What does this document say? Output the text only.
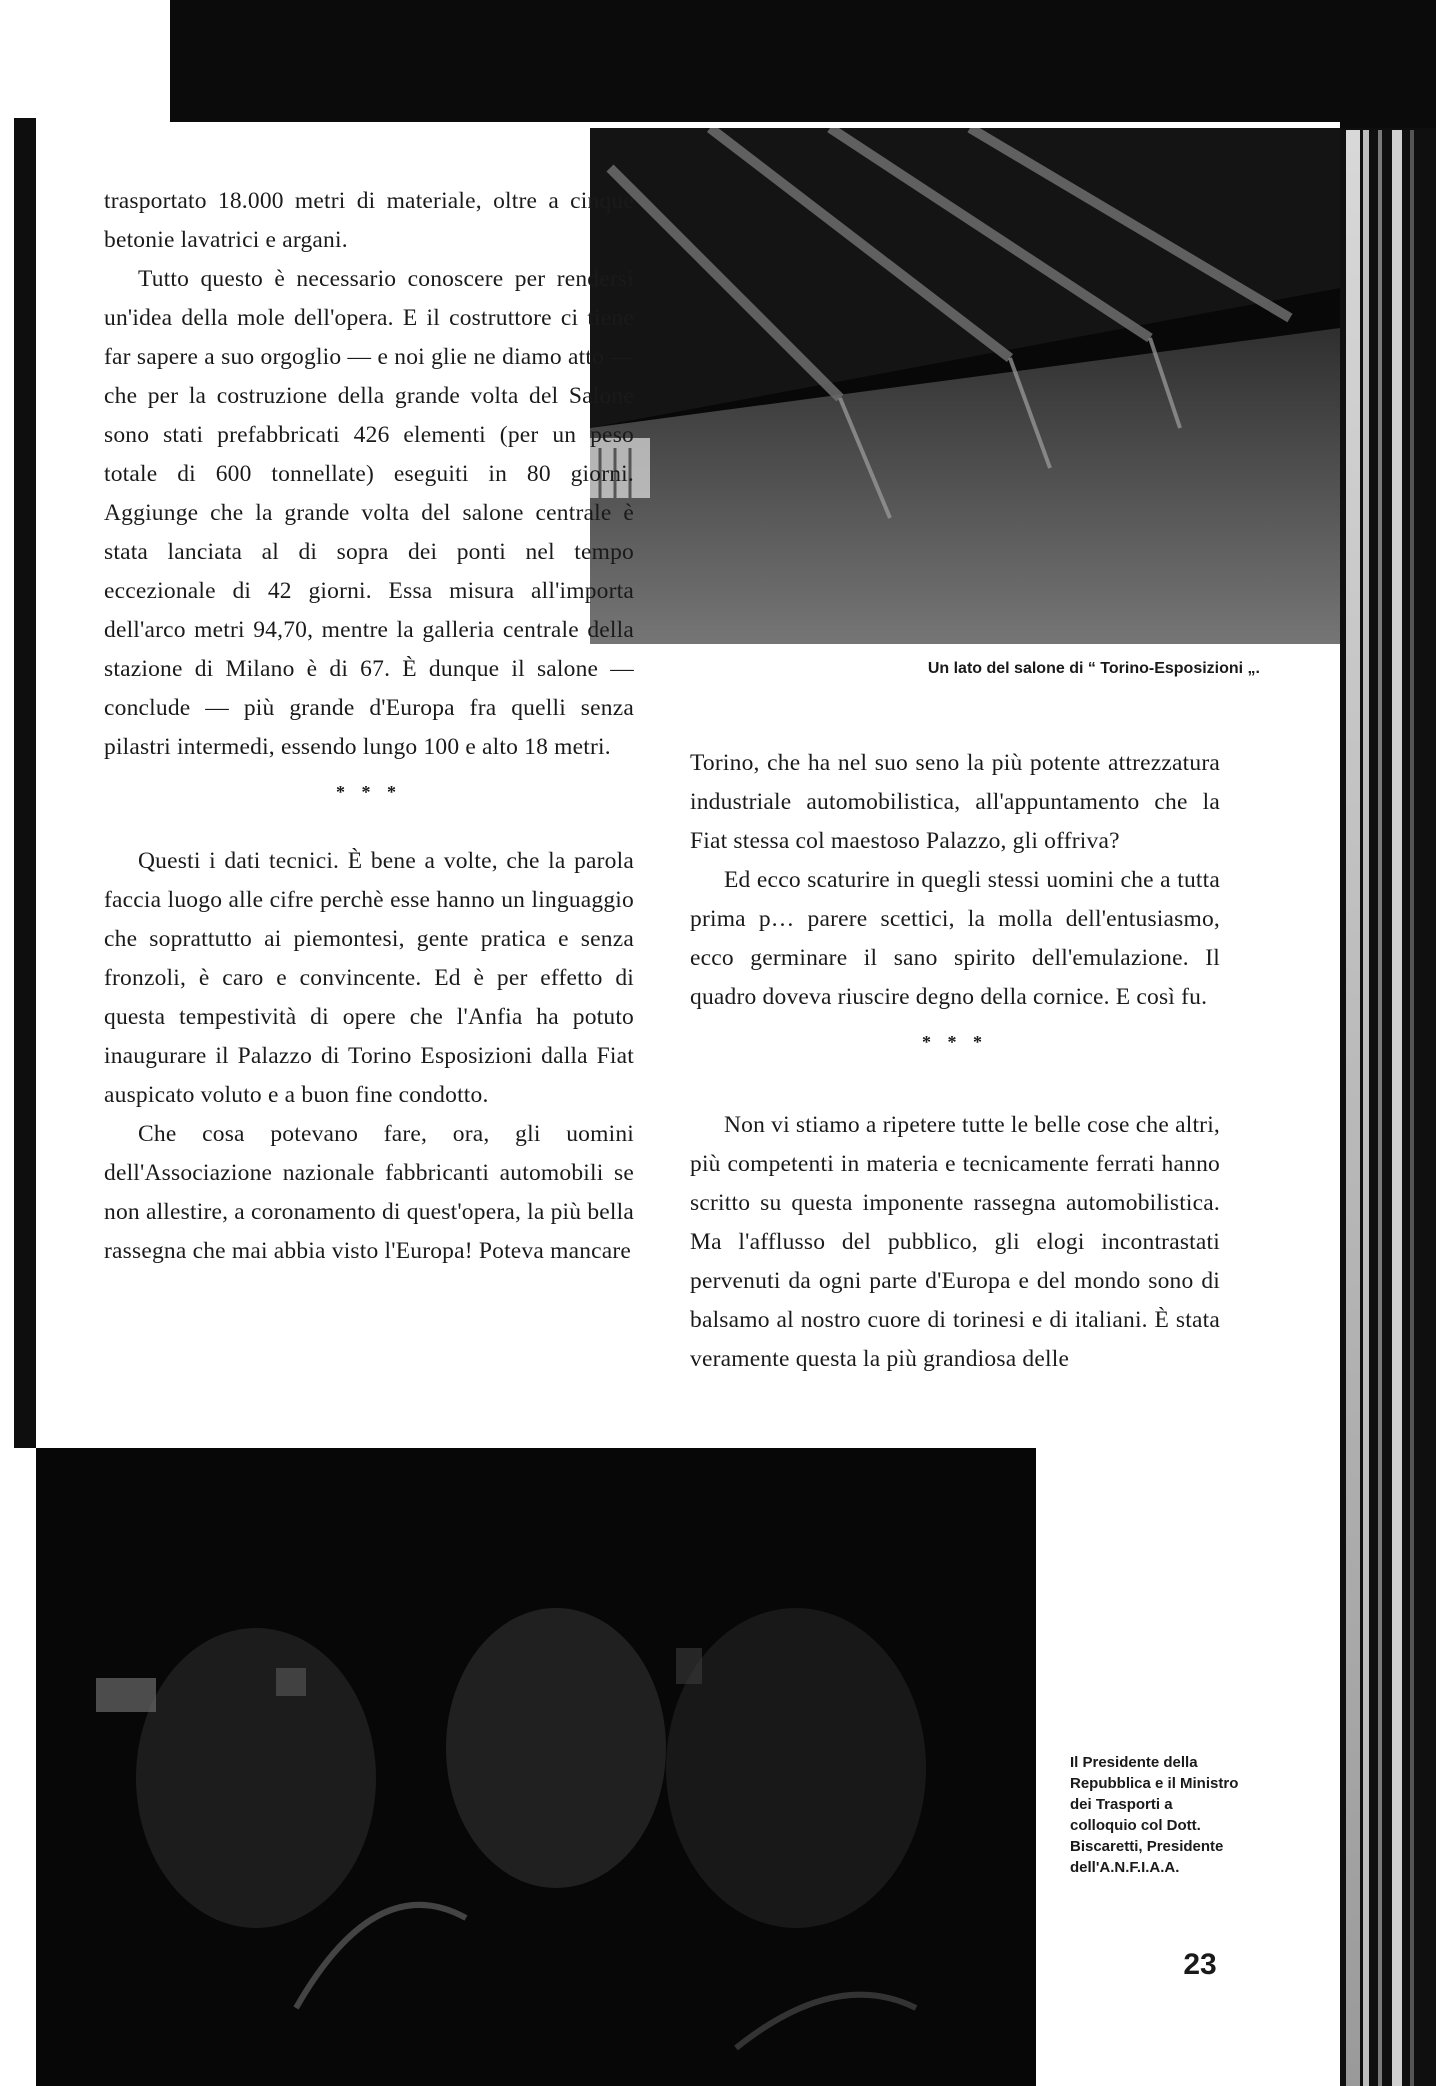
Un lato del salone di “ Torino-Esposizioni „.

trasportato 18.000 metri di materiale, oltre a cinque betonie lavatrici e argani.

Tutto questo è necessario conoscere per rendersi un'idea della mole dell'opera. E il costruttore ci tiene far sapere a suo orgoglio — e noi glie ne diamo atto — che per la costruzione della grande volta del Salone sono stati prefabbricati 426 elementi (per un peso totale di 600 tonnellate) eseguiti in 80 giorni. Aggiunge che la grande volta del salone centrale è stata lanciata al di sopra dei ponti nel tempo eccezionale di 42 giorni. Essa misura all'importa dell'arco metri 94,70, mentre la galleria centrale della stazione di Milano è di 67. È dunque il salone — conclude — più grande d'Europa fra quelli senza pilastri intermedi, essendo lungo 100 e alto 18 metri.

* * *

Questi i dati tecnici. È bene a volte, che la parola faccia luogo alle cifre perchè esse hanno un linguaggio che soprattutto ai piemontesi, gente pratica e senza fronzoli, è caro e convincente. Ed è per effetto di questa tempestività di opere che l'Anfia ha potuto inaugurare il Palazzo di Torino Esposizioni dalla Fiat auspicato voluto e a buon fine condotto.

Che cosa potevano fare, ora, gli uomini dell'Associazione nazionale fabbricanti automobili se non allestire, a coronamento di quest'opera, la più bella rassegna che mai abbia visto l'Europa! Poteva mancare

Torino, che ha nel suo seno la più potente attrezzatura industriale automobilistica, all'appuntamento che la Fiat stessa col maestoso Palazzo, gli offriva?

Ed ecco scaturire in quegli stessi uomini che a tutta prima p… parere scettici, la molla dell'entusiasmo, ecco germinare il sano spirito dell'emulazione. Il quadro doveva riuscire degno della cornice. E così fu.

* * *

Non vi stiamo a ripetere tutte le belle cose che altri, più competenti in materia e tecnicamente ferrati hanno scritto su questa imponente rassegna automobilistica. Ma l'afflusso del pubblico, gli elogi incontrastati pervenuti da ogni parte d'Europa e del mondo sono di balsamo al nostro cuore di torinesi e di italiani. È stata veramente questa la più grandiosa delle

Il Presidente della Repubblica e il Ministro dei Trasporti a colloquio col Dott. Biscaretti, Presidente dell'A.N.F.I.A.A.
23
